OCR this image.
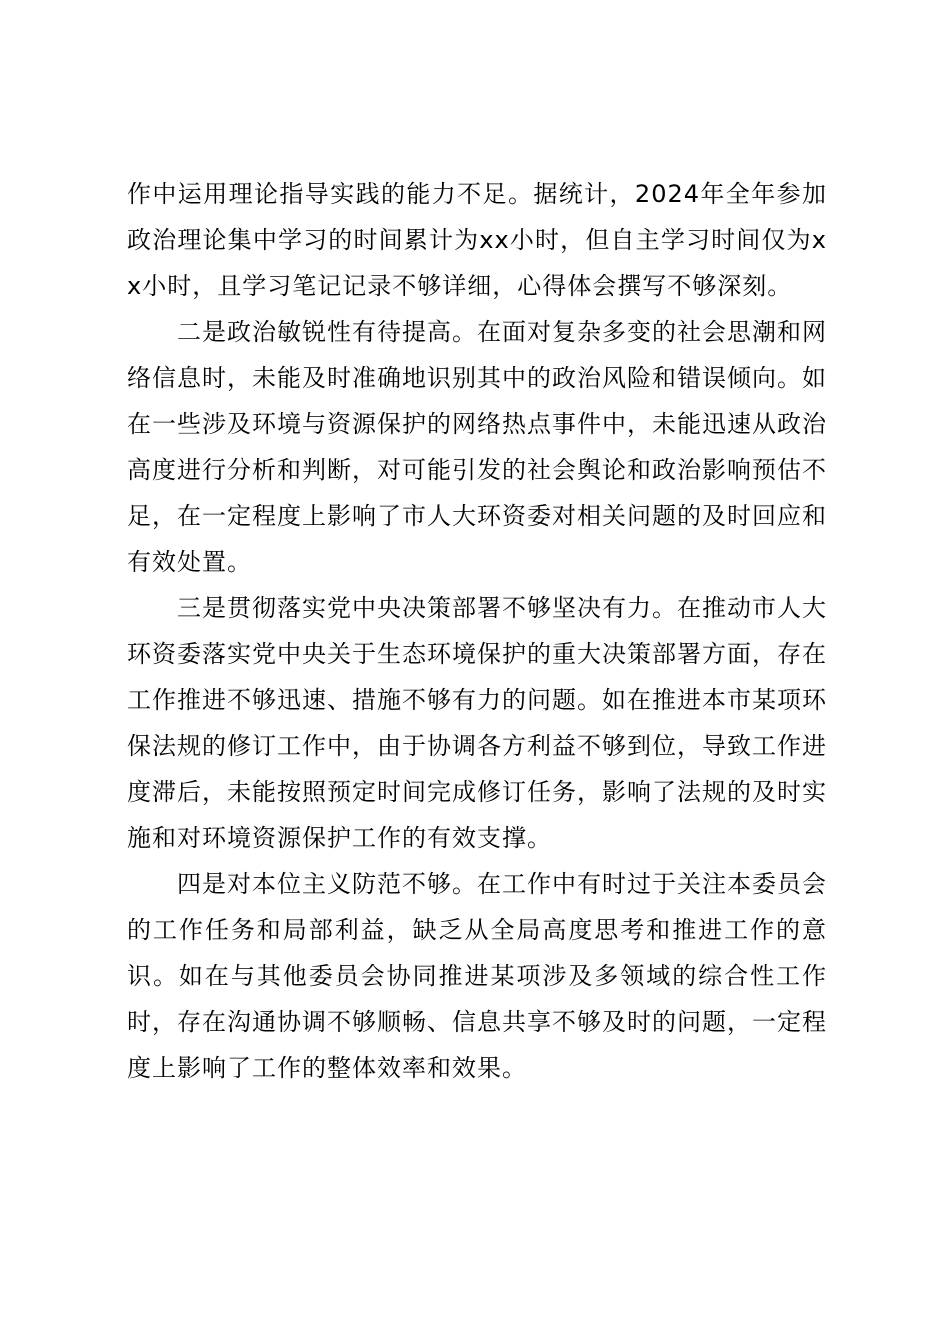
作中运用理论指导实践的能力不足。据统计，2024年全年参加政治理论集中学习的时间累计为xx小时，但自主学习时间仅为xx小时，且学习笔记记录不够详细，心得体会撰写不够深刻。

二是政治敏锐性有待提高。在面对复杂多变的社会思潮和网络信息时，未能及时准确地识别其中的政治风险和错误倾向。如在一些涉及环境与资源保护的网络热点事件中，未能迅速从政治高度进行分析和判断，对可能引发的社会舆论和政治影响预估不足，在一定程度上影响了市人大环资委对相关问题的及时回应和有效处置。

三是贯彻落实党中央决策部署不够坚决有力。在推动市人大环资委落实党中央关于生态环境保护的重大决策部署方面，存在工作推进不够迅速、措施不够有力的问题。如在推进本市某项环保法规的修订工作中，由于协调各方利益不够到位，导致工作进度滞后，未能按照预定时间完成修订任务，影响了法规的及时实施和对环境资源保护工作的有效支撑。

四是对本位主义防范不够。在工作中有时过于关注本委员会的工作任务和局部利益，缺乏从全局高度思考和推进工作的意识。如在与其他委员会协同推进某项涉及多领域的综合性工作时，存在沟通协调不够顺畅、信息共享不够及时的问题，一定程度上影响了工作的整体效率和效果。
